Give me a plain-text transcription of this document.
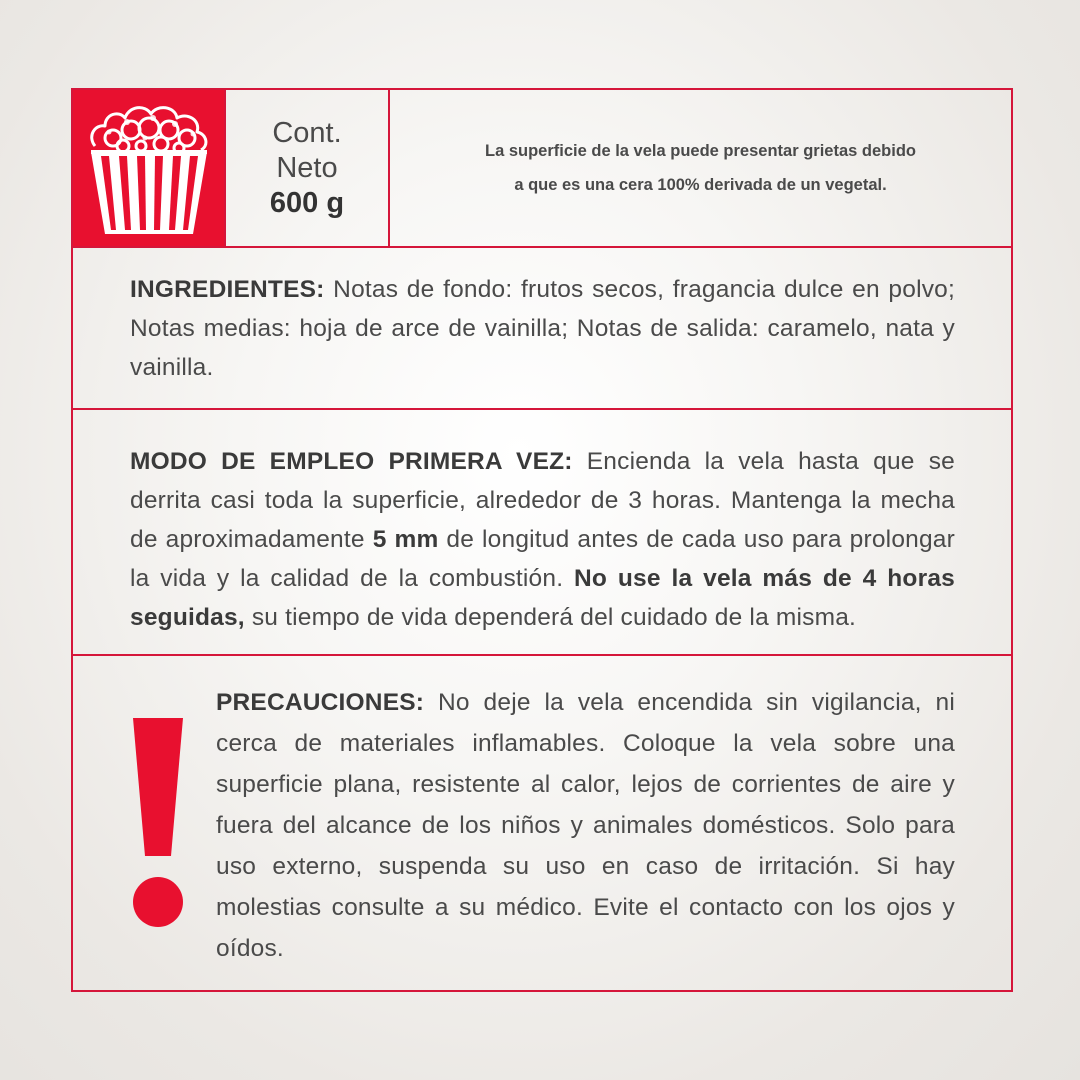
Cont.
Neto
600 g
La superficie de la vela puede presentar grietas debido
a que es una cera 100% derivada de un vegetal.
INGREDIENTES: Notas de fondo: frutos secos, fragancia dulce en polvo; Notas medias: hoja de arce de vainilla; Notas de salida: caramelo, nata y vainilla.
MODO DE EMPLEO PRIMERA VEZ: Encienda la vela hasta que se derrita casi toda la superficie, alrededor de 3 horas. Mantenga la mecha de aproximadamente 5 mm de longitud antes de cada uso para prolongar la vida y la calidad de la combustión. No use la vela más de 4 horas seguidas, su tiempo de vida dependerá del cuidado de la misma.
PRECAUCIONES: No deje la vela encendida sin vigilancia, ni cerca de materiales inflamables. Coloque la vela sobre una superficie plana, resistente al calor, lejos de corrientes de aire y fuera del alcance de los niños y animales domésticos. Solo para uso externo, suspenda su uso en caso de irritación. Si hay molestias consulte a su médico. Evite el contacto con los ojos y oídos.
